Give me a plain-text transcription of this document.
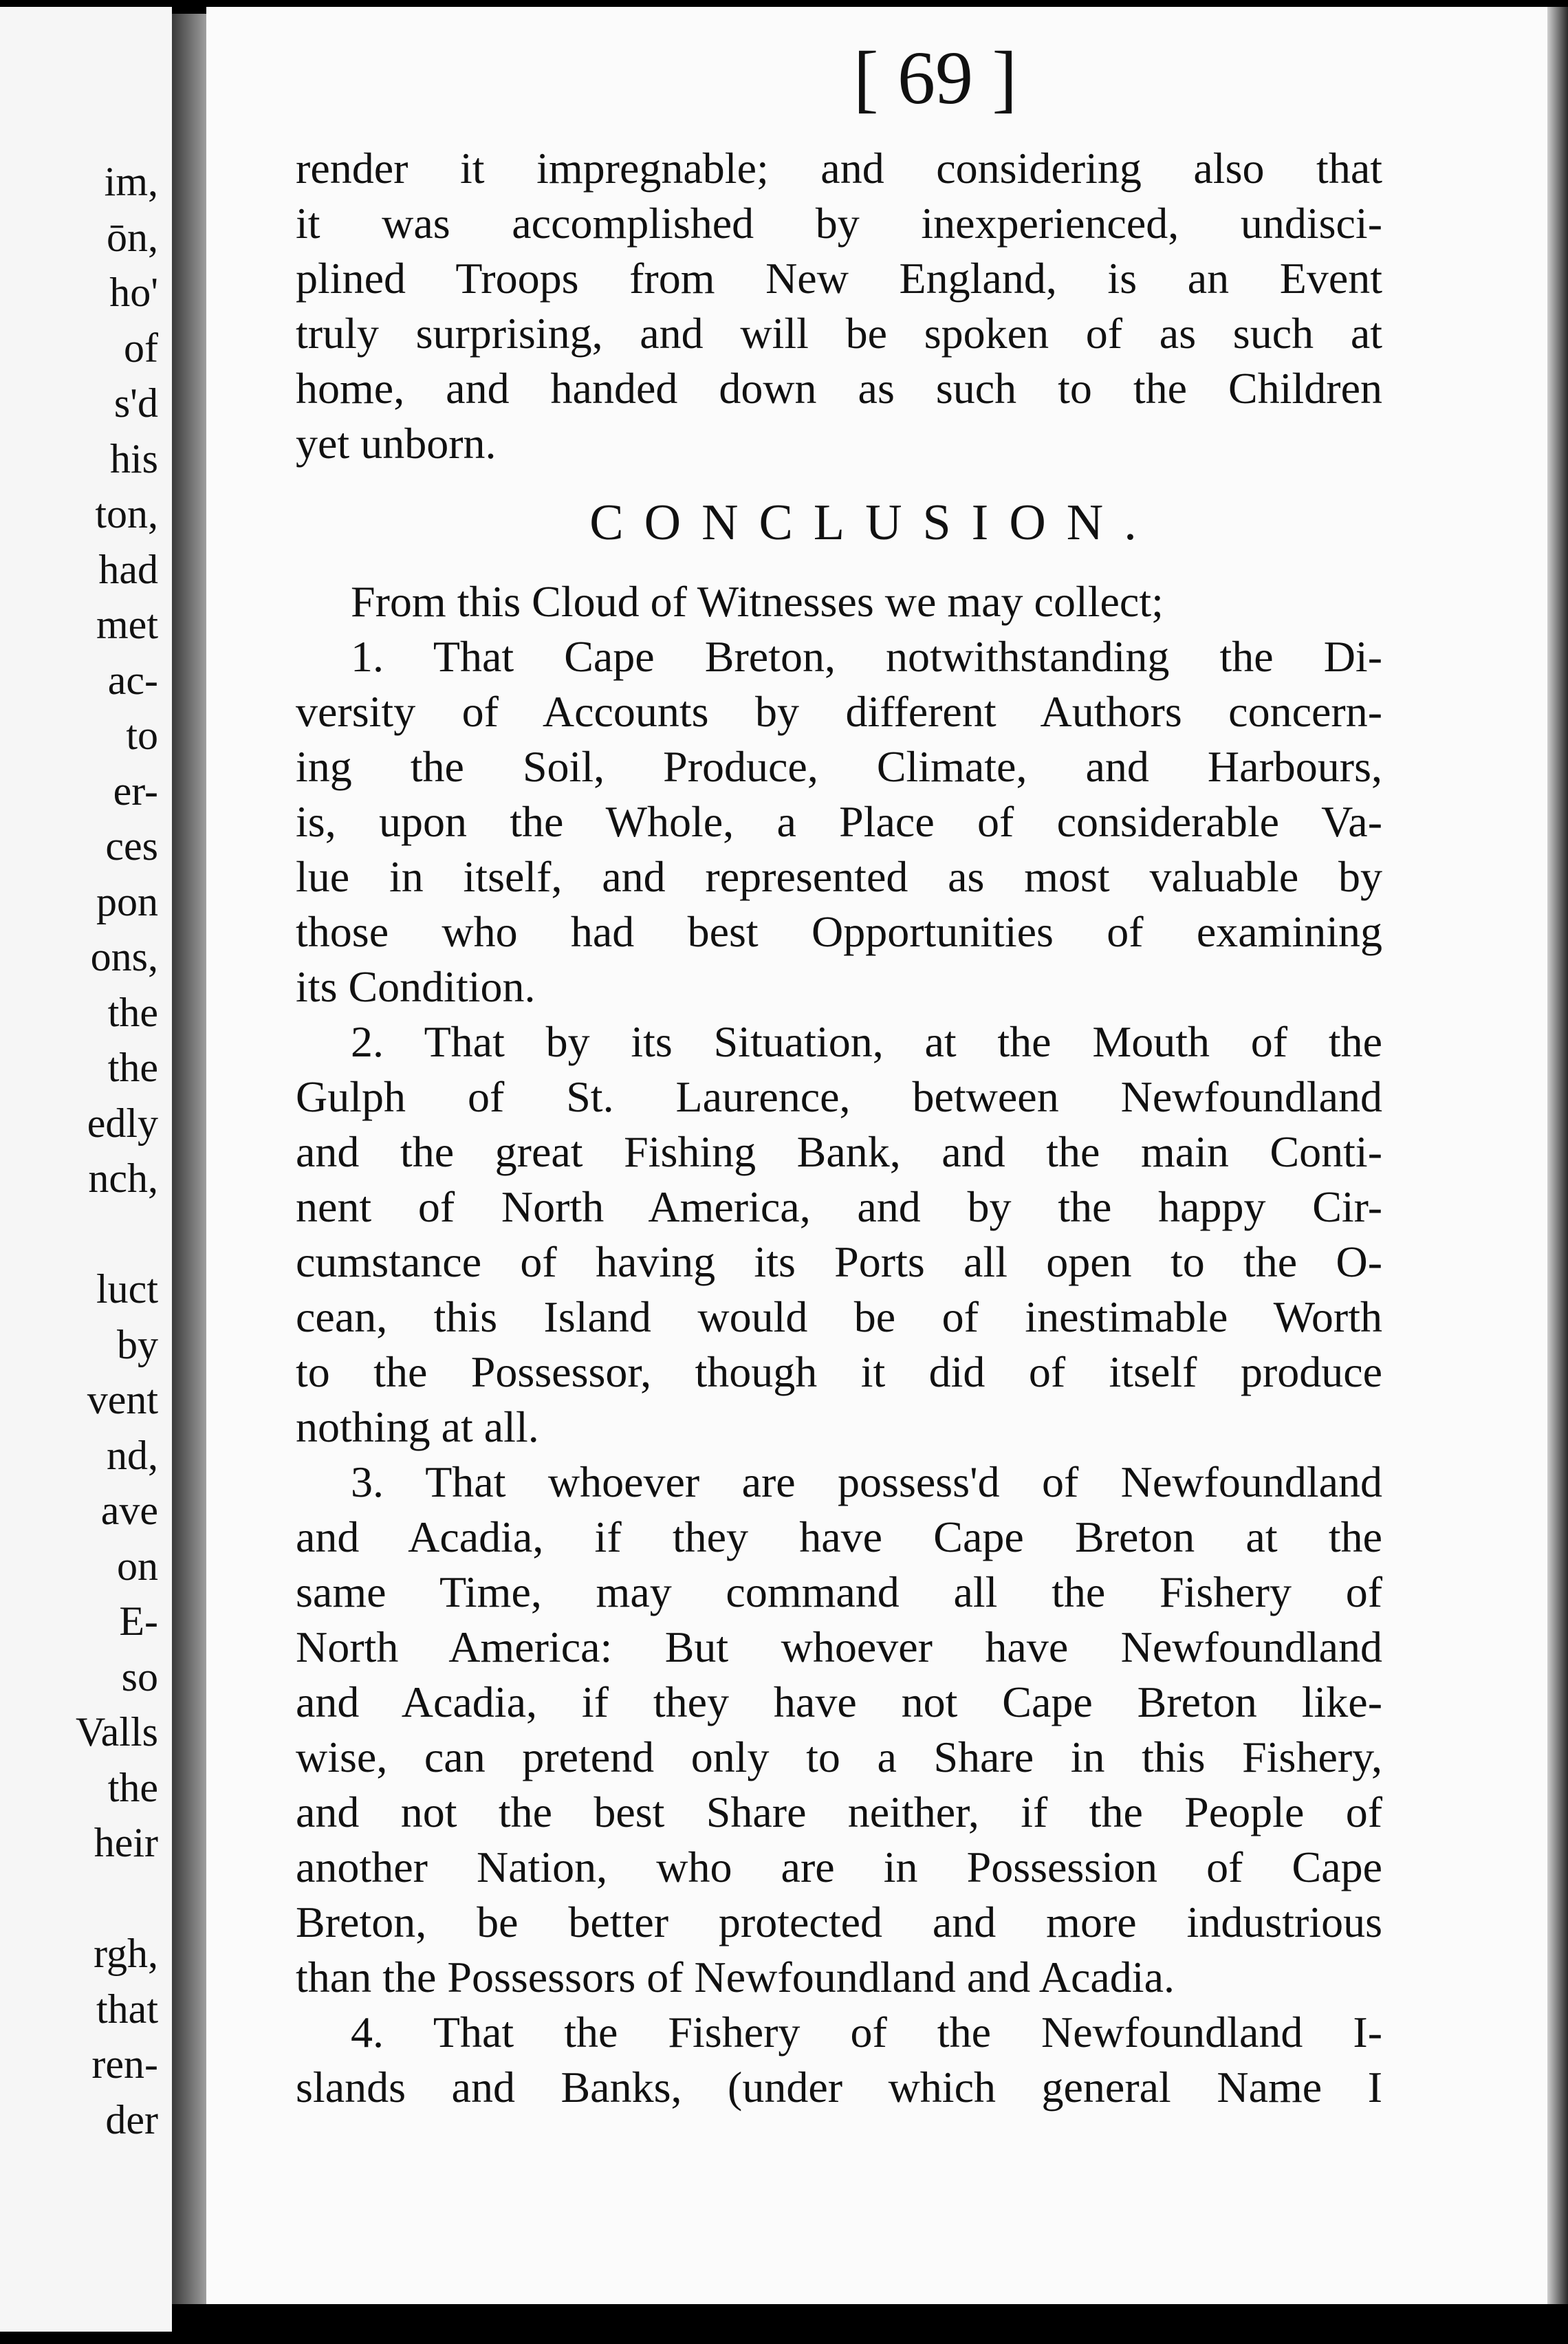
im,
ōn,
ho'
of
s'd
his
ton,
had
met
ac-
to
er-
ces
pon
ons,
the
the
edly
nch,
luct
by
vent
nd,
ave
on
E-
so
Valls
the
heir
rgh,
that
ren-
der
[ 69 ]
render it impregnable; and considering also that
it was accomplished by inexperienced, undisci-
plined Troops from New England, is an Event
truly surprising, and will be spoken of as such at
home, and handed down as such to the Children
yet unborn.
CONCLUSION.
From this Cloud of Witnesses we may collect;
1. That Cape Breton, notwithstanding the Di-
versity of Accounts by different Authors concern-
ing the Soil, Produce, Climate, and Harbours,
is, upon the Whole, a Place of considerable Va-
lue in itself, and represented as most valuable by
those who had best Opportunities of examining
its Condition.
2. That by its Situation, at the Mouth of the
Gulph of St. Laurence, between Newfoundland
and the great Fishing Bank, and the main Conti-
nent of North America, and by the happy Cir-
cumstance of having its Ports all open to the O-
cean, this Island would be of inestimable Worth
to the Possessor, though it did of itself produce
nothing at all.
3. That whoever are possess'd of Newfoundland
and Acadia, if they have Cape Breton at the
same Time, may command all the Fishery of
North America: But whoever have Newfoundland
and Acadia, if they have not Cape Breton like-
wise, can pretend only to a Share in this Fishery,
and not the best Share neither, if the People of
another Nation, who are in Possession of Cape
Breton, be better protected and more industrious
than the Possessors of Newfoundland and Acadia.
4. That the Fishery of the Newfoundland I-
slands and Banks, (under which general Name I
